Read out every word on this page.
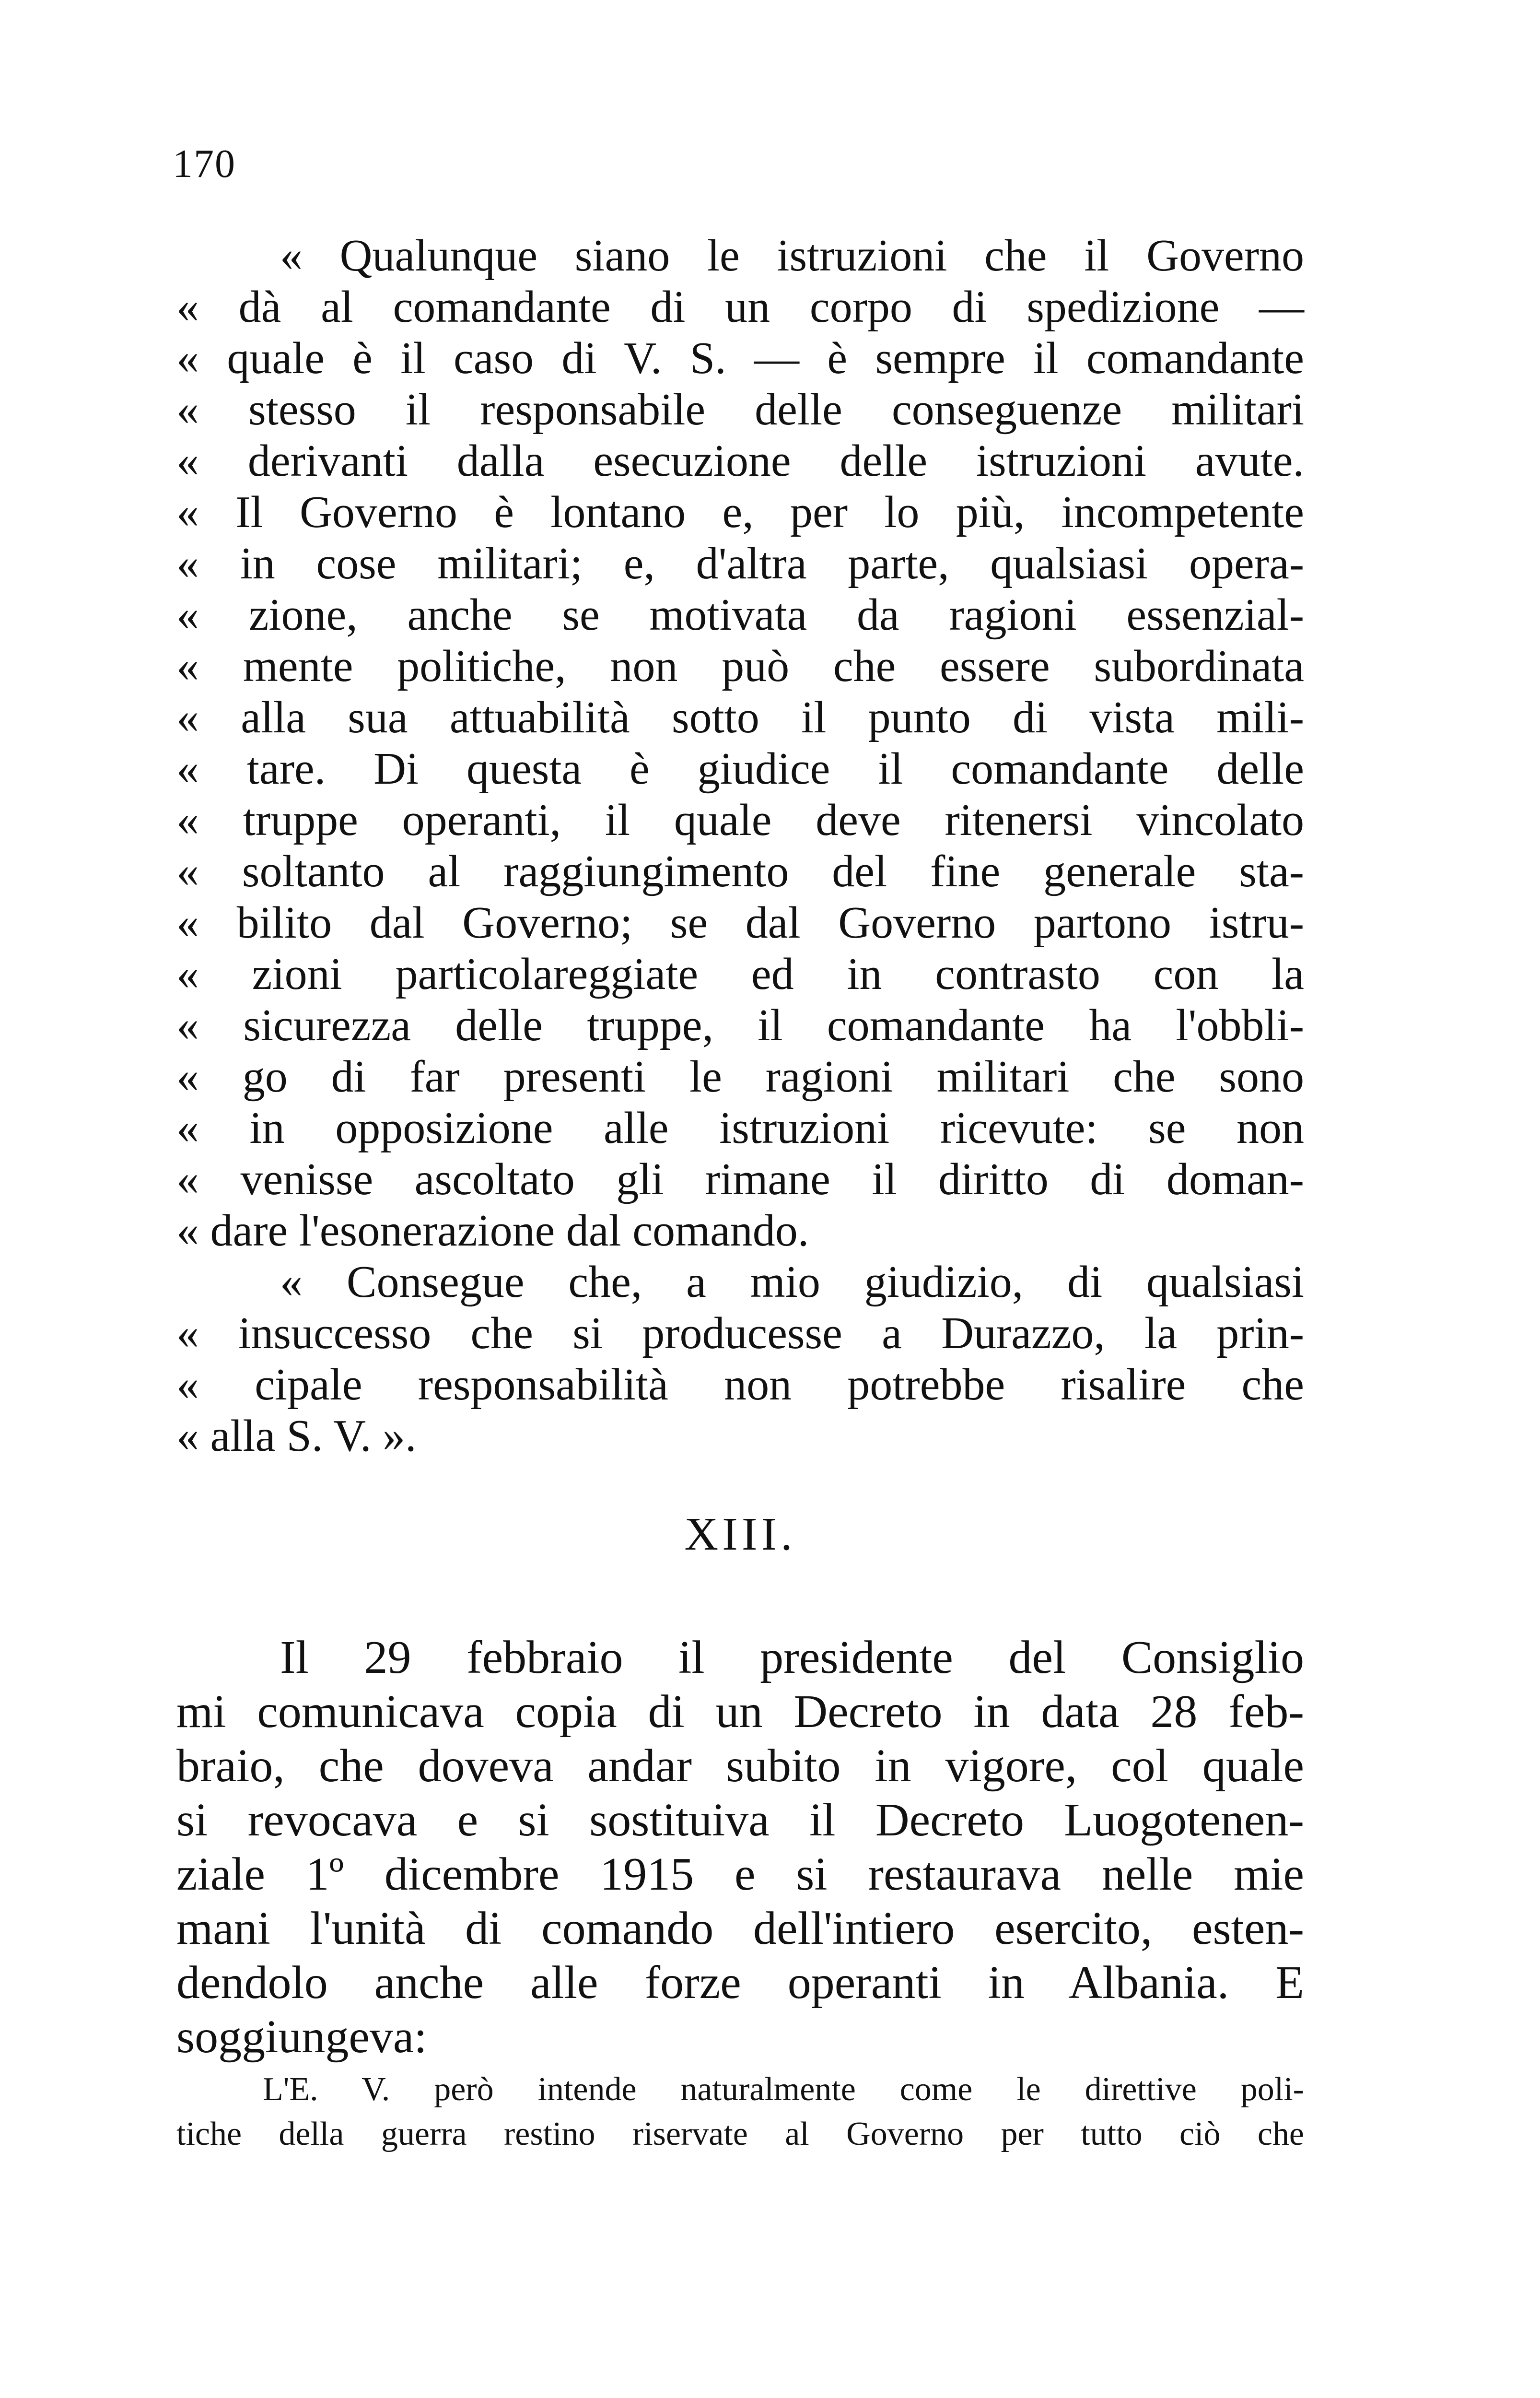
170
« Qualunque siano le istruzioni che il Governo
« dà al comandante di un corpo di spedizione —
« quale è il caso di V. S. — è sempre il comandante
« stesso il responsabile delle conseguenze militari
« derivanti dalla esecuzione delle istruzioni avute.
« Il Governo è lontano e, per lo più, incompetente
« in cose militari; e, d'altra parte, qualsiasi opera-
« zione, anche se motivata da ragioni essenzial-
« mente politiche, non può che essere subordinata
« alla sua attuabilità sotto il punto di vista mili-
« tare. Di questa è giudice il comandante delle
« truppe operanti, il quale deve ritenersi vincolato
« soltanto al raggiungimento del fine generale sta-
« bilito dal Governo; se dal Governo partono istru-
« zioni particolareggiate ed in contrasto con la
« sicurezza delle truppe, il comandante ha l'obbli-
« go di far presenti le ragioni militari che sono
« in opposizione alle istruzioni ricevute: se non
« venisse ascoltato gli rimane il diritto di doman-
« dare l'esonerazione dal comando.
« Consegue che, a mio giudizio, di qualsiasi
« insuccesso che si producesse a Durazzo, la prin-
« cipale responsabilità non potrebbe risalire che
« alla S. V. ».
XIII.
Il 29 febbraio il presidente del Consiglio
mi comunicava copia di un Decreto in data 28 feb-
braio, che doveva andar subito in vigore, col quale
si revocava e si sostituiva il Decreto Luogotenen-
ziale 1º dicembre 1915 e si restaurava nelle mie
mani l'unità di comando dell'intiero esercito, esten-
dendolo anche alle forze operanti in Albania. E
soggiungeva:
L'E. V. però intende naturalmente come le direttive poli-
tiche della guerra restino riservate al Governo per tutto ciò che
